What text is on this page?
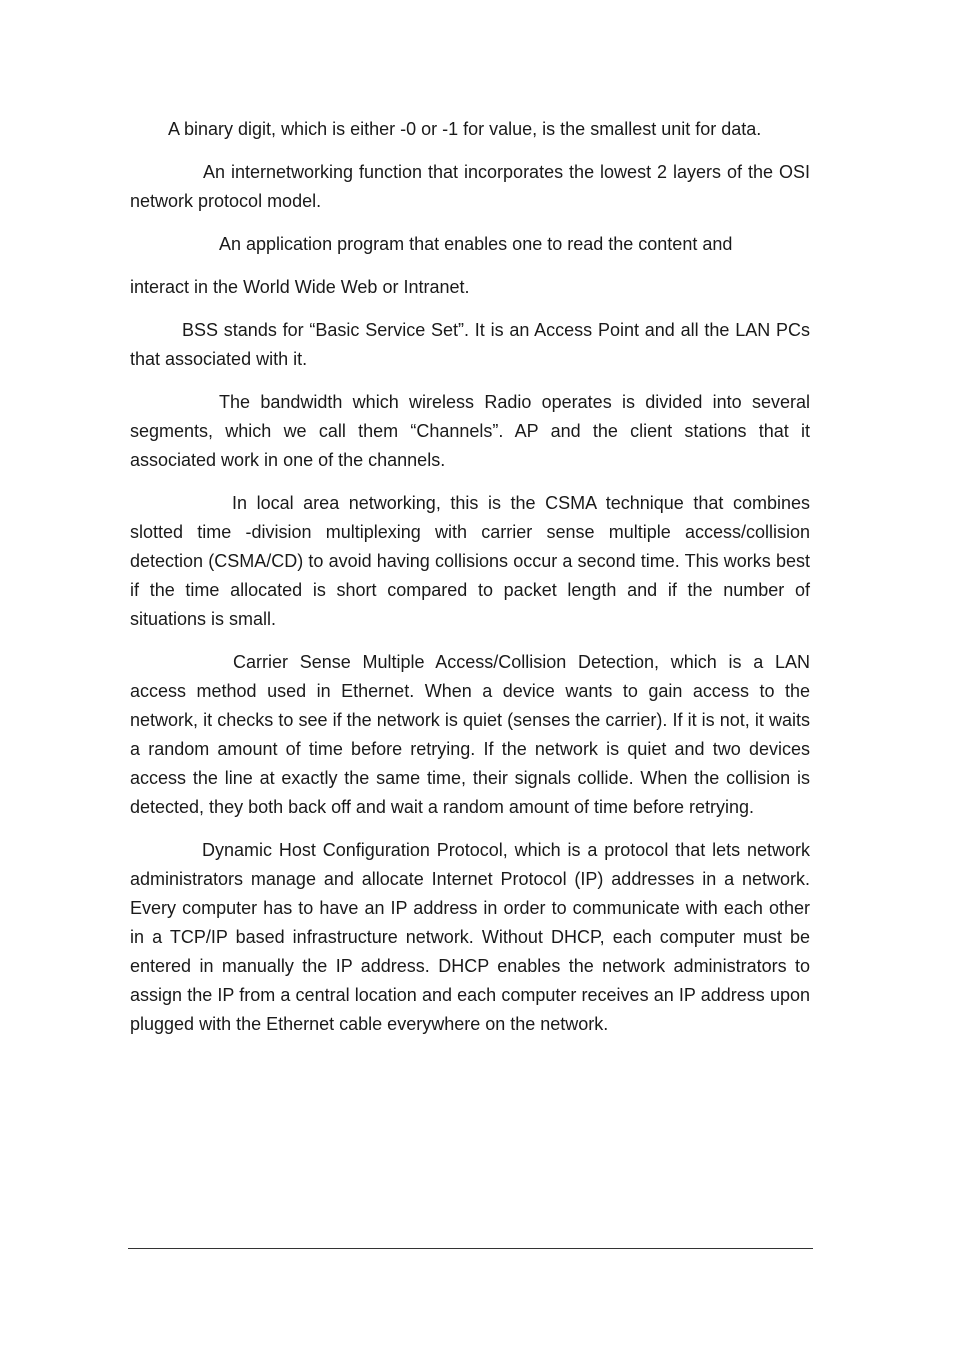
A binary digit, which is either -0 or -1 for value, is the smallest unit for data.

An internetworking function that incorporates the lowest 2 layers of the OSI network protocol model.

An application program that enables one to read the content and

interact in the World Wide Web or Intranet.

BSS stands for “Basic Service Set”. It is an Access Point and all the LAN PCs that associated with it.

The bandwidth which wireless Radio operates is divided into several segments, which we call them “Channels”. AP and the client stations that it associated work in one of the channels.

In local area networking, this is the CSMA technique that combines slotted time -division multiplexing with carrier sense multiple access/collision detection (CSMA/CD) to avoid having collisions occur a second time. This works best if the time allocated is short compared to packet length and if the number of situations is small.

Carrier Sense Multiple Access/Collision Detection, which is a LAN access method used in Ethernet. When a device wants to gain access to the network, it checks to see if the network is quiet (senses the carrier). If it is not, it waits a random amount of time before retrying. If the network is quiet and two devices access the line at exactly the same time, their signals collide. When the collision is detected, they both back off and wait a random amount of time before retrying.

Dynamic Host Configuration Protocol, which is a protocol that lets network administrators manage and allocate Internet Protocol (IP) addresses in a network.   Every computer has to have an IP address in order to communicate with each other in a TCP/IP based infrastructure network. Without DHCP, each computer must be entered in manually the IP address. DHCP enables the network administrators to assign the IP from a central location and each computer receives an IP address upon plugged with the Ethernet cable everywhere on the network.
